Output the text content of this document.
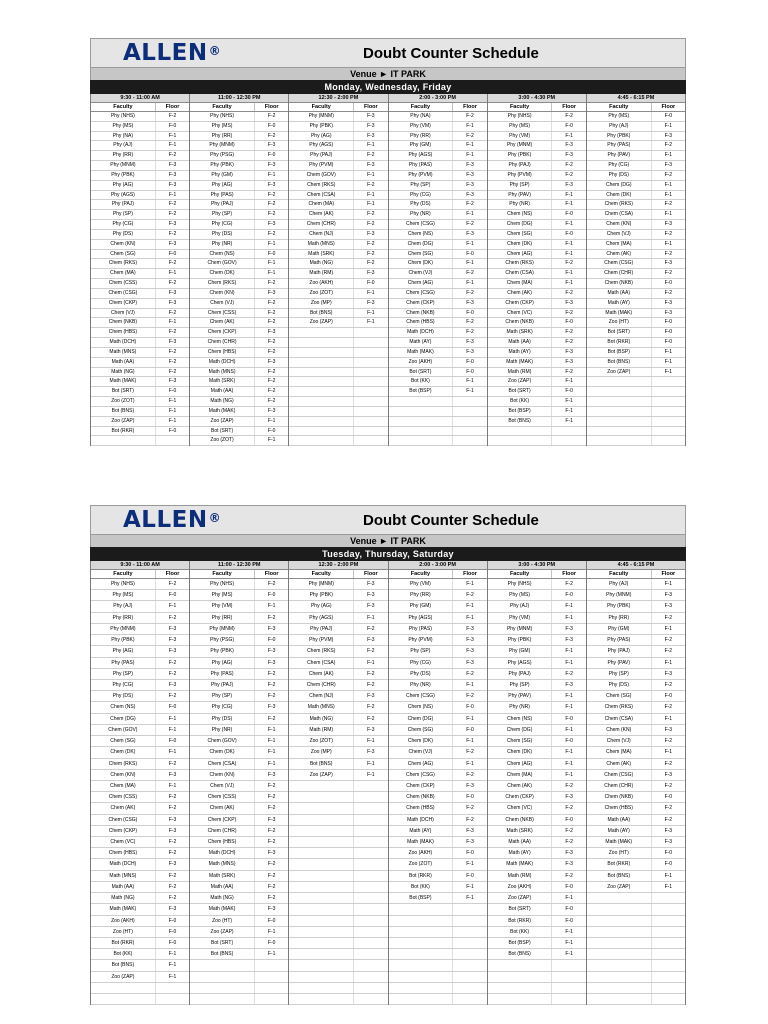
ALLEN®	Doubt Counter Schedule
Venue ► IT PARK
Monday, Wednesday, Friday
9:30 - 11:00 AM
Faculty	Floor
Phy (NHS)	F-2
Phy (MS)	F-0
Phy (NA)	F-1
Phy (AJ)	F-1
Phy (RR)	F-2
Phy (MNM)	F-3
Phy (PBK)	F-3
Phy (AG)	F-3
Phy (AGS)	F-1
Phy (PAJ)	F-2
Phy (SP)	F-2
Phy (CG)	F-3
Phy (DS)	F-2
Chem (KN)	F-3
Chem (SG)	F-0
Chem (RKS)	F-2
Chem (MA)	F-1
Chem (CSS)	F-2
Chem (CSG)	F-3
Chem (CKP)	F-3
Chem (VJ)	F-2
Chem (NKB)	F-1
Chem (HBS)	F-2
Math (DCH)	F-3
Math (MNS)	F-2
Math (AA)	F-2
Math (NG)	F-2
Math (MAK)	F-3
Bot (SRT)	F-0
Zoo (ZOT)	F-1
Bot (BNS)	F-1
Zoo (ZAP)	F-1
Bot (RKR)	F-0
11:00 - 12:30 PM
Faculty	Floor
Phy (NHS)	F-2
Phy (MS)	F-0
Phy (RR)	F-2
Phy (MNM)	F-3
Phy (PSG)	F-0
Phy (PBK)	F-3
Phy (GM)	F-1
Phy (AG)	F-3
Phy (PAS)	F-2
Phy (PAJ)	F-2
Phy (SP)	F-2
Phy (CG)	F-3
Phy (DS)	F-2
Phy (NR)	F-1
Chem (NS)	F-0
Chem (GOV)	F-1
Chem (DK)	F-1
Chem (RKS)	F-2
Chem (KN)	F-3
Chem (VJ)	F-2
Chem (CSS)	F-2
Chem (AK)	F-2
Chem (CKP)	F-3
Chem (CHR)	F-2
Chem (HBS)	F-2
Math (DCH)	F-3
Math (MNS)	F-2
Math (SRK)	F-2
Math (AA)	F-2
Math (NG)	F-2
Math (MAK)	F-3
Zoo (ZAP)	F-1
Bot (SRT)	F-0
Zoo (ZOT)	F-1
12:30 - 2:00 PM
Faculty	Floor
Phy (MNM)	F-3
Phy (PBK)	F-3
Phy (AG)	F-3
Phy (AGS)	F-1
Phy (PAJ)	F-2
Phy (PVM)	F-3
Chem (GOV)	F-1
Chem (RKS)	F-2
Chem (CSA)	F-1
Chem (MA)	F-1
Chem (AK)	F-2
Chem (CHR)	F-2
Chem (NJ)	F-3
Math (MNS)	F-2
Math (SRK)	F-2
Math (NG)	F-2
Math (RM)	F-3
Zoo (AKH)	F-0
Zoo (ZOT)	F-1
Zoo (MP)	F-3
Bot (BNS)	F-1
Zoo (ZAP)	F-1
2:00 - 3:00 PM
Faculty	Floor
Phy (NA)	F-2
Phy (VM)	F-1
Phy (RR)	F-2
Phy (GM)	F-1
Phy (AGS)	F-1
Phy (PAS)	F-3
Phy (PVM)	F-3
Phy (SP)	F-3
Phy (CG)	F-3
Phy (DS)	F-2
Phy (NR)	F-1
Chem (CSG)	F-2
Chem (NS)	F-3
Chem (DG)	F-1
Chem (SG)	F-0
Chem (DK)	F-1
Chem (VJ)	F-2
Chem (AG)	F-1
Chem (CSG)	F-2
Chem (CKP)	F-3
Chem (NKB)	F-0
Chem (HBS)	F-2
Math (DCH)	F-2
Math (AY)	F-3
Math (MAK)	F-3
Zoo (AKH)	F-0
Bot (SRT)	F-0
Bot (KK)	F-1
Bot (BSP)	F-1
3:00 - 4:30 PM
Faculty	Floor
Phy (NHS)	F-2
Phy (MS)	F-0
Phy (VM)	F-1
Phy (MNM)	F-3
Phy (PBK)	F-3
Phy (PAJ)	F-2
Phy (PVM)	F-2
Phy (SP)	F-3
Phy (PAV)	F-1
Phy (NR)	F-1
Chem (NS)	F-0
Chem (DG)	F-1
Chem (SG)	F-0
Chem (DK)	F-1
Chem (AG)	F-1
Chem (RKS)	F-2
Chem (CSA)	F-1
Chem (MA)	F-1
Chem (AK)	F-2
Chem (CKP)	F-3
Chem (VC)	F-2
Chem (NKB)	F-0
Math (SRK)	F-2
Math (AA)	F-2
Math (AY)	F-3
Math (MAK)	F-3
Math (RM)	F-2
Zoo (ZAP)	F-1
Bot (SRT)	F-0
Bot (KK)	F-1
Bot (BSP)	F-1
Bot (BNS)	F-1
4:45 - 6:15 PM
Faculty	Floor
Phy (MS)	F-0
Phy (AJ)	F-1
Phy (PBK)	F-3
Phy (PAS)	F-2
Phy (PAV)	F-1
Phy (CG)	F-3
Phy (DS)	F-2
Chem (DG)	F-1
Chem (DK)	F-1
Chem (RKS)	F-2
Chem (CSA)	F-1
Chem (KN)	F-3
Chem (VJ)	F-2
Chem (MA)	F-1
Chem (AK)	F-2
Chem (CSG)	F-3
Chem (CHR)	F-2
Chem (NKB)	F-0
Math (AA)	F-2
Math (AY)	F-3
Math (MAK)	F-3
Zoo (HT)	F-0
Bot (SRT)	F-0
Bot (RKR)	F-0
Bot (BSP)	F-1
Bot (BNS)	F-1
Zoo (ZAP)	F-1
ALLEN®	Doubt Counter Schedule
Venue ► IT PARK
Tuesday, Thursday, Saturday
9:30 - 11:00 AM
Faculty	Floor
Phy (NHS)	F-2
Phy (MS)	F-0
Phy (AJ)	F-1
Phy (RR)	F-2
Phy (MNM)	F-3
Phy (PBK)	F-3
Phy (AG)	F-3
Phy (PAS)	F-2
Phy (SP)	F-2
Phy (CG)	F-3
Phy (DS)	F-2
Chem (NS)	F-0
Chem (DG)	F-1
Chem (GOV)	F-1
Chem (SG)	F-0
Chem (DK)	F-1
Chem (RKS)	F-2
Chem (KN)	F-3
Chem (MA)	F-1
Chem (CSS)	F-2
Chem (AK)	F-2
Chem (CSG)	F-3
Chem (CKP)	F-3
Chem (VC)	F-2
Chem (HBS)	F-2
Math (DCH)	F-3
Math (MNS)	F-2
Math (AA)	F-2
Math (NG)	F-2
Math (MAK)	F-3
Zoo (AKH)	F-0
Zoo (HT)	F-0
Bot (RKR)	F-0
Bot (KK)	F-1
Bot (BNS)	F-1
Zoo (ZAP)	F-1
11:00 - 12:30 PM
Faculty	Floor
Phy (NHS)	F-2
Phy (MS)	F-0
Phy (VM)	F-1
Phy (RR)	F-2
Phy (MNM)	F-3
Phy (PSG)	F-0
Phy (PBK)	F-3
Phy (AG)	F-3
Phy (PAS)	F-2
Phy (PAJ)	F-2
Phy (SP)	F-2
Phy (CG)	F-3
Phy (DS)	F-2
Phy (NR)	F-1
Chem (GOV)	F-1
Chem (DK)	F-1
Chem (CSA)	F-1
Chem (KN)	F-3
Chem (VJ)	F-2
Chem (CSS)	F-2
Chem (AK)	F-2
Chem (CKP)	F-3
Chem (CHR)	F-2
Chem (HBS)	F-2
Math (DCH)	F-3
Math (MNS)	F-2
Math (SRK)	F-2
Math (AA)	F-2
Math (NG)	F-2
Math (MAK)	F-3
Zoo (HT)	F-0
Zoo (ZAP)	F-1
Bot (SRT)	F-0
Bot (BNS)	F-1
12:30 - 2:00 PM
Faculty	Floor
Phy (MNM)	F-3
Phy (PBK)	F-3
Phy (AG)	F-3
Phy (AGS)	F-1
Phy (PAJ)	F-2
Phy (PVM)	F-3
Chem (RKS)	F-2
Chem (CSA)	F-1
Chem (AK)	F-2
Chem (CHR)	F-2
Chem (NJ)	F-3
Math (MNS)	F-2
Math (NG)	F-2
Math (RM)	F-3
Zoo (ZOT)	F-1
Zoo (MP)	F-3
Bot (BNS)	F-1
Zoo (ZAP)	F-1
2:00 - 3:00 PM
Faculty	Floor
Phy (VM)	F-1
Phy (RR)	F-2
Phy (GM)	F-1
Phy (AGS)	F-1
Phy (PAS)	F-3
Phy (PVM)	F-3
Phy (SP)	F-3
Phy (CG)	F-3
Phy (DS)	F-2
Phy (NR)	F-1
Chem (CSG)	F-2
Chem (NS)	F-0
Chem (DG)	F-1
Chem (SG)	F-0
Chem (DK)	F-1
Chem (VJ)	F-2
Chem (AG)	F-1
Chem (CSG)	F-2
Chem (CKP)	F-3
Chem (NKB)	F-0
Chem (HBS)	F-2
Math (DCH)	F-2
Math (AY)	F-3
Math (MAK)	F-3
Zoo (AKH)	F-0
Zoo (ZOT)	F-1
Bot (RKR)	F-0
Bot (KK)	F-1
Bot (BSP)	F-1
3:00 - 4:30 PM
Faculty	Floor
Phy (NHS)	F-2
Phy (MS)	F-0
Phy (AJ)	F-1
Phy (VM)	F-1
Phy (MNM)	F-3
Phy (PBK)	F-3
Phy (GM)	F-1
Phy (AGS)	F-1
Phy (PAJ)	F-2
Phy (SP)	F-3
Phy (PAV)	F-1
Phy (NR)	F-1
Chem (NS)	F-0
Chem (DG)	F-1
Chem (SG)	F-0
Chem (DK)	F-1
Chem (AG)	F-1
Chem (MA)	F-1
Chem (AK)	F-2
Chem (CKP)	F-3
Chem (VC)	F-2
Chem (NKB)	F-0
Math (SRK)	F-2
Math (AA)	F-2
Math (AY)	F-3
Math (MAK)	F-3
Math (RM)	F-2
Zoo (AKH)	F-0
Zoo (ZAP)	F-1
Bot (SRT)	F-0
Bot (RKR)	F-0
Bot (KK)	F-1
Bot (BSP)	F-1
Bot (BNS)	F-1
4:45 - 6:15 PM
Faculty	Floor
Phy (AJ)	F-1
Phy (MNM)	F-3
Phy (PBK)	F-3
Phy (RR)	F-2
Phy (GM)	F-1
Phy (PAS)	F-2
Phy (PAJ)	F-2
Phy (PAV)	F-1
Phy (SP)	F-3
Phy (DS)	F-2
Chem (SG)	F-0
Chem (RKS)	F-2
Chem (CSA)	F-1
Chem (KN)	F-3
Chem (VJ)	F-2
Chem (MA)	F-1
Chem (AK)	F-2
Chem (CSG)	F-3
Chem (CHR)	F-2
Chem (NKB)	F-0
Chem (HBS)	F-2
Math (AA)	F-2
Math (AY)	F-3
Math (MAK)	F-3
Zoo (HT)	F-0
Bot (RKR)	F-0
Bot (BNS)	F-1
Zoo (ZAP)	F-1
